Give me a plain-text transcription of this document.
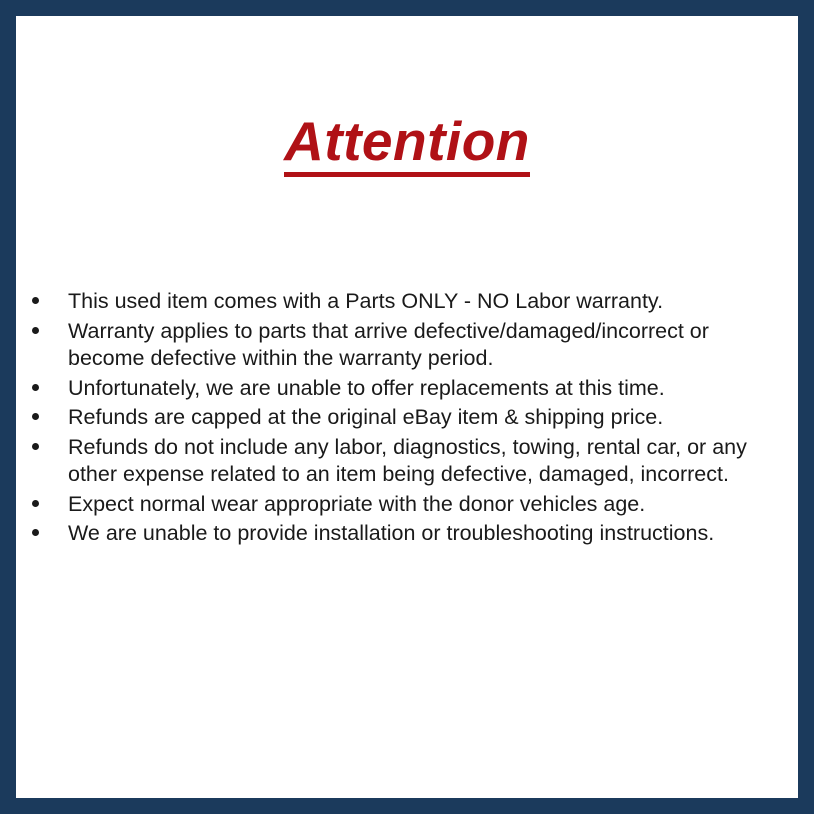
Attention
This used item comes with a Parts ONLY - NO Labor warranty.
Warranty applies to parts that arrive defective/damaged/incorrect or become defective within the warranty period.
Unfortunately, we are unable to offer replacements at this time.
Refunds are capped at the original eBay item & shipping price.
Refunds do not include any labor, diagnostics, towing, rental car, or any other expense related to an item being defective, damaged, incorrect.
Expect normal wear appropriate with the donor vehicles age.
We are unable to provide installation or troubleshooting instructions.
